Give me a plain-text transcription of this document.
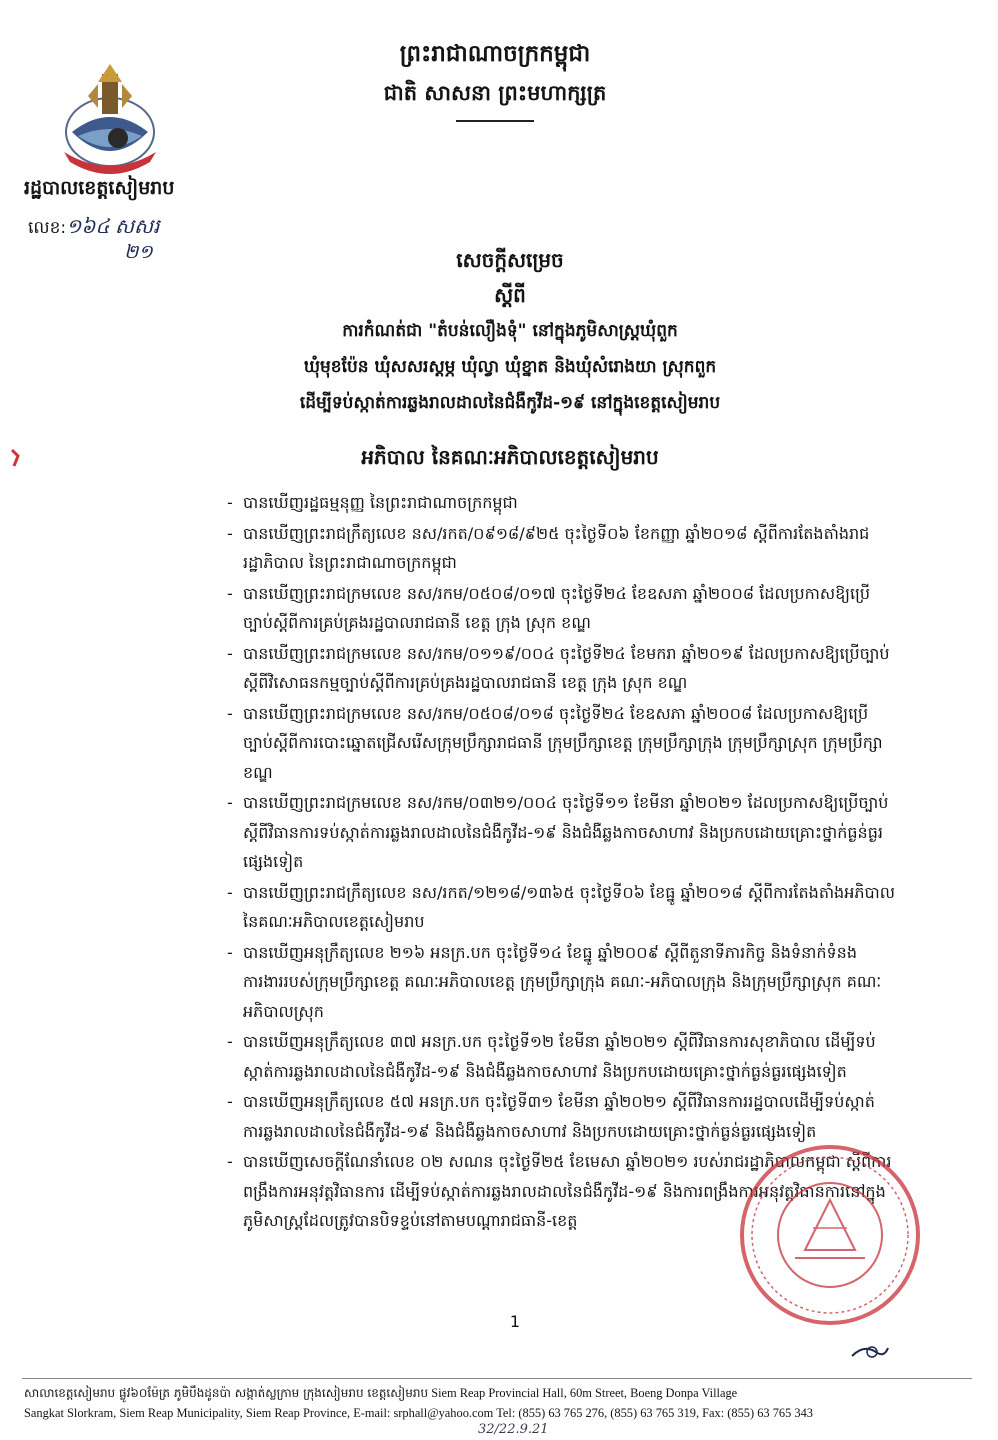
ព្រះរាជាណាចក្រកម្ពុជា
ជាតិ សាសនា ព្រះមហាក្សត្រ
រដ្ឋបាលខេត្តសៀមរាប
លេខ:១៦៤ សសរ
២១	សេចក្តីសម្រេច
ស្តីពី
ការកំណត់ជា "តំបន់លឿងទុំ" នៅក្នុងភូមិសាស្ត្រឃុំពួក
ឃុំមុខប៉ែន ឃុំសសរស្តម្ភ ឃុំល្វា ឃុំខ្នាត និងឃុំសំរោងយា ស្រុកពួក
ដើម្បីទប់ស្កាត់ការឆ្លងរាលដាលនៃជំងឺកូវីដ-១៩ នៅក្នុងខេត្តសៀមរាប
អភិបាល នៃគណៈអភិបាលខេត្តសៀមរាប
- បានឃើញរដ្ឋធម្មនុញ្ញ នៃព្រះរាជាណាចក្រកម្ពុជា
- បានឃើញព្រះរាជក្រឹត្យលេខ នស/រកត/០៩១៨/៩២៥ ចុះថ្ងៃទី០៦ ខែកញ្ញា ឆ្នាំ២០១៨ ស្តីពីការតែងតាំងរាជរដ្ឋាភិបាល នៃព្រះរាជាណាចក្រកម្ពុជា
- បានឃើញព្រះរាជក្រមលេខ នស/រកម/០៥០៨/០១៧ ចុះថ្ងៃទី២៤ ខែឧសភា ឆ្នាំ២០០៨ ដែលប្រកាសឱ្យប្រើច្បាប់ស្តីពីការគ្រប់គ្រងរដ្ឋបាលរាជធានី ខេត្ត ក្រុង ស្រុក ខណ្ឌ
- បានឃើញព្រះរាជក្រមលេខ នស/រកម/០១១៩/០០៤ ចុះថ្ងៃទី២៤ ខែមករា ឆ្នាំ២០១៩ ដែលប្រកាសឱ្យប្រើច្បាប់ស្តីពីវិសោធនកម្មច្បាប់ស្តីពីការគ្រប់គ្រងរដ្ឋបាលរាជធានី ខេត្ត ក្រុង ស្រុក ខណ្ឌ
- បានឃើញព្រះរាជក្រមលេខ នស/រកម/០៥០៨/០១៨ ចុះថ្ងៃទី២៤ ខែឧសភា ឆ្នាំ២០០៨ ដែលប្រកាសឱ្យប្រើច្បាប់ស្តីពីការបោះឆ្នោតជ្រើសរើសក្រុមប្រឹក្សារាជធានី ក្រុមប្រឹក្សាខេត្ត ក្រុមប្រឹក្សាក្រុង ក្រុមប្រឹក្សាស្រុក ក្រុមប្រឹក្សាខណ្ឌ
- បានឃើញព្រះរាជក្រមលេខ នស/រកម/០៣២១/០០៤ ចុះថ្ងៃទី១១ ខែមីនា ឆ្នាំ២០២១ ដែលប្រកាសឱ្យប្រើច្បាប់ស្តីពីវិធានការទប់ស្កាត់ការឆ្លងរាលដាលនៃជំងឺកូវីដ-១៩ និងជំងឺឆ្លងកាចសាហាវ និងប្រកបដោយគ្រោះថ្នាក់ធ្ងន់ធ្ងរផ្សេងទៀត
- បានឃើញព្រះរាជក្រឹត្យលេខ នស/រកត/១២១៨/១៣៦៥ ចុះថ្ងៃទី០៦ ខែធ្នូ ឆ្នាំ២០១៨ ស្តីពីការតែងតាំងអភិបាល នៃគណៈអភិបាលខេត្តសៀមរាប
- បានឃើញអនុក្រឹត្យលេខ ២១៦ អនក្រ.បក ចុះថ្ងៃទី១៤ ខែធ្នូ ឆ្នាំ២០០៩ ស្តីពីតួនាទីភារកិច្ច និងទំនាក់ទំនងការងាររបស់ក្រុមប្រឹក្សាខេត្ត គណៈអភិបាលខេត្ត ក្រុមប្រឹក្សាក្រុង គណៈ-អភិបាលក្រុង និងក្រុមប្រឹក្សាស្រុក គណៈអភិបាលស្រុក
- បានឃើញអនុក្រឹត្យលេខ ៣៧ អនក្រ.បក ចុះថ្ងៃទី១២ ខែមីនា ឆ្នាំ២០២១ ស្តីពីវិធានការសុខាភិបាល ដើម្បីទប់ស្កាត់ការឆ្លងរាលដាលនៃជំងឺកូវីដ-១៩ និងជំងឺឆ្លងកាចសាហាវ និងប្រកបដោយគ្រោះថ្នាក់ធ្ងន់ធ្ងរផ្សេងទៀត
- បានឃើញអនុក្រឹត្យលេខ ៥៧ អនក្រ.បក ចុះថ្ងៃទី៣១ ខែមីនា ឆ្នាំ២០២១ ស្តីពីវិធានការរដ្ឋបាលដើម្បីទប់ស្កាត់ការឆ្លងរាលដាលនៃជំងឺកូវីដ-១៩ និងជំងឺឆ្លងកាចសាហាវ និងប្រកបដោយគ្រោះថ្នាក់ធ្ងន់ធ្ងរផ្សេងទៀត
- បានឃើញសេចក្តីណែនាំលេខ ០២ សណន ចុះថ្ងៃទី២៥ ខែមេសា ឆ្នាំ២០២១ របស់រាជរដ្ឋាភិបាលកម្ពុជា ស្តីពីការពង្រឹងការអនុវត្តវិធានការ ដើម្បីទប់ស្កាត់ការឆ្លងរាលដាលនៃជំងឺកូវីដ-១៩ និងការពង្រឹងការអនុវត្តវិធានការនៅក្នុងភូមិសាស្ត្រដែលត្រូវបានបិទខ្ទប់នៅតាមបណ្តារាជធានី-ខេត្ត
1
សាលាខេត្តសៀមរាប ផ្លូវ៦០ម៉ែត្រ ភូមិបឹងដូនប៉ា សង្កាត់ស្លក្រាម ក្រុងសៀមរាប ខេត្តសៀមរាប Siem Reap Provincial Hall, 60m Street, Boeng Donpa Village
Sangkat Slorkram, Siem Reap Municipality, Siem Reap Province, E-mail: srphall@yahoo.com Tel: (855) 63 765 276, (855) 63 765 319, Fax: (855) 63 765 343
32/22.9.21
